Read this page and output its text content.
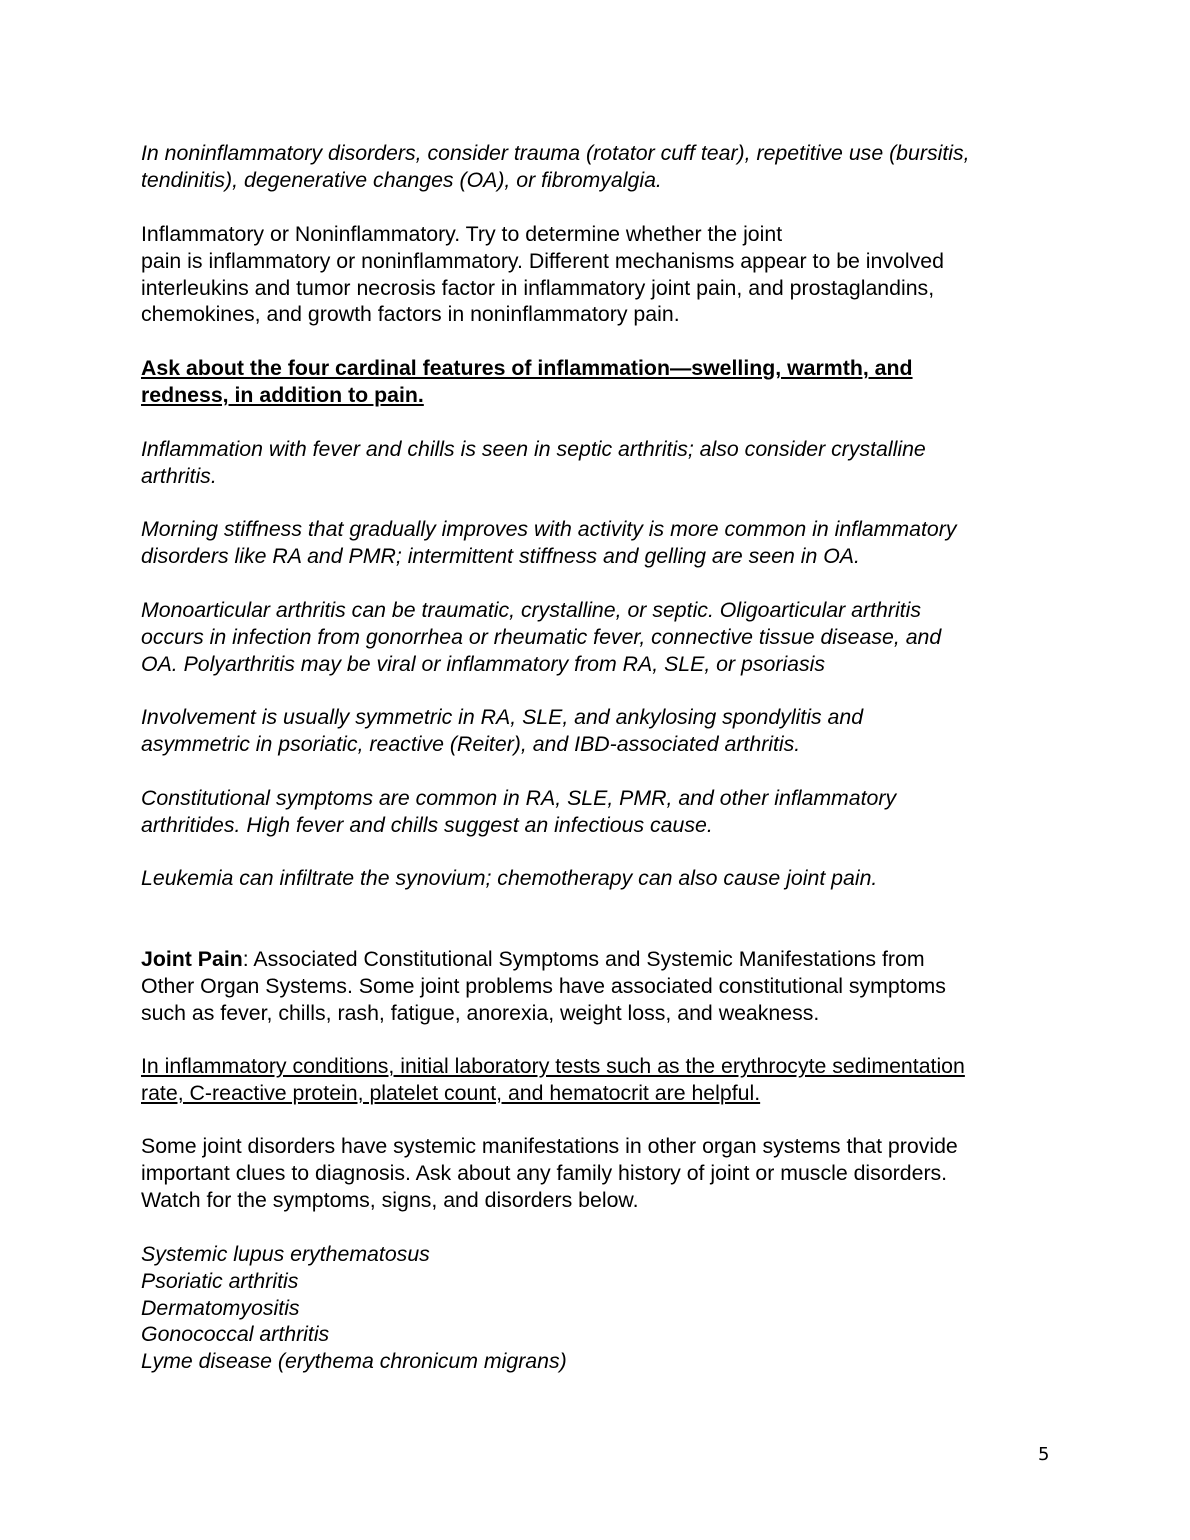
In noninflammatory disorders, consider trauma (rotator cuff tear), repetitive use (bursitis,
tendinitis), degenerative changes (OA), or fibromyalgia.

Inflammatory or Noninflammatory. Try to determine whether the joint
pain is inflammatory or noninflammatory. Different mechanisms appear to be involved
interleukins and tumor necrosis factor in inflammatory joint pain, and prostaglandins,
chemokines, and growth factors in noninflammatory pain.

Ask about the four cardinal features of inflammation—swelling, warmth, and
redness, in addition to pain.

Inflammation with fever and chills is seen in septic arthritis; also consider crystalline
arthritis.

Morning stiffness that gradually improves with activity is more common in inflammatory
disorders like RA and PMR; intermittent stiffness and gelling are seen in OA.

Monoarticular arthritis can be traumatic, crystalline, or septic. Oligoarticular arthritis
occurs in infection from gonorrhea or rheumatic fever, connective tissue disease, and
OA. Polyarthritis may be viral or inflammatory from RA, SLE, or psoriasis

Involvement is usually symmetric in RA, SLE, and ankylosing spondylitis and
asymmetric in psoriatic, reactive (Reiter), and IBD-associated arthritis.

Constitutional symptoms are common in RA, SLE, PMR, and other inflammatory
arthritides. High fever and chills suggest an infectious cause.

Leukemia can infiltrate the synovium; chemotherapy can also cause joint pain.

Joint Pain: Associated Constitutional Symptoms and Systemic Manifestations from
Other Organ Systems. Some joint problems have associated constitutional symptoms
such as fever, chills, rash, fatigue, anorexia, weight loss, and weakness.

In inflammatory conditions, initial laboratory tests such as the erythrocyte sedimentation
rate, C-reactive protein, platelet count, and hematocrit are helpful.

Some joint disorders have systemic manifestations in other organ systems that provide
important clues to diagnosis. Ask about any family history of joint or muscle disorders.
Watch for the symptoms, signs, and disorders below.

Systemic lupus erythematosus
Psoriatic arthritis
Dermatomyositis
Gonococcal arthritis
Lyme disease (erythema chronicum migrans)
5
